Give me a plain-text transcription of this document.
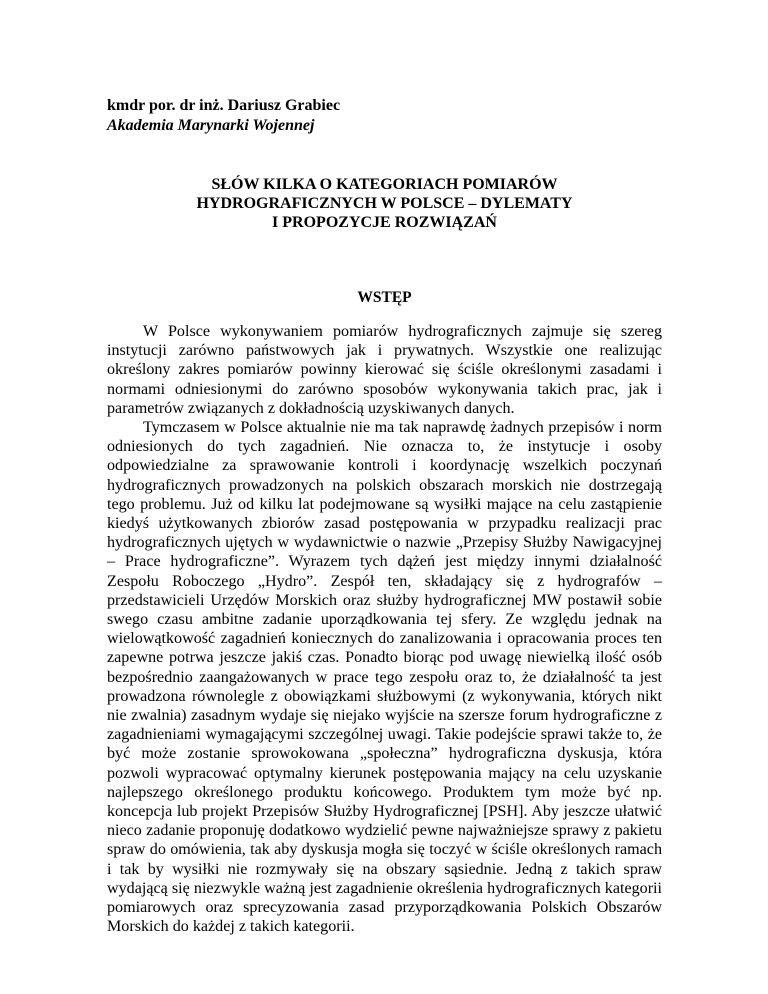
kmdr por. dr inż. Dariusz Grabiec
Akademia Marynarki Wojennej
SŁÓW KILKA O KATEGORIACH POMIARÓW
HYDROGRAFICZNYCH W POLSCE – DYLEMATY
I PROPOZYCJE ROZWIĄZAŃ
WSTĘP

W Polsce wykonywaniem pomiarów hydrograficznych zajmuje się szereg instytucji zarówno państwowych jak i prywatnych. Wszystkie one realizując określony zakres pomiarów powinny kierować się ściśle określonymi zasadami i normami odniesionymi do zarówno sposobów wykonywania takich prac, jak i parametrów związanych z dokładnością uzyskiwanych danych.

Tymczasem w Polsce aktualnie nie ma tak naprawdę żadnych przepisów i norm odniesionych do tych zagadnień. Nie oznacza to, że instytucje i osoby odpowiedzialne za sprawowanie kontroli i koordynację wszelkich poczynań hydrograficznych prowadzonych na polskich obszarach morskich nie dostrzegają tego problemu. Już od kilku lat podejmowane są wysiłki mające na celu zastąpienie kiedyś użytkowanych zbiorów zasad postępowania w przypadku realizacji prac hydrograficznych ujętych w wydawnictwie o nazwie „Przepisy Służby Nawigacyjnej – Prace hydrograficzne”. Wyrazem tych dążeń jest między innymi działalność Zespołu Roboczego „Hydro”. Zespół ten, składający się z hydrografów – przedstawicieli Urzędów Morskich oraz służby hydrograficznej MW postawił sobie swego czasu ambitne zadanie uporządkowania tej sfery. Ze względu jednak na wielowątkowość zagadnień koniecznych do zanalizowania i opracowania proces ten zapewne potrwa jeszcze jakiś czas. Ponadto biorąc pod uwagę niewielką ilość osób bezpośrednio zaangażowanych w prace tego zespołu oraz to, że działalność ta jest prowadzona równolegle z obowiązkami służbowymi (z wykonywania, których nikt nie zwalnia) zasadnym wydaje się niejako wyjście na szersze forum hydrograficzne z zagadnieniami wymagającymi szczególnej uwagi. Takie podejście sprawi także to, że być może zostanie sprowokowana „społeczna” hydrograficzna dyskusja, która pozwoli wypracować optymalny kierunek postępowania mający na celu uzyskanie najlepszego określonego produktu końcowego. Produktem tym może być np. koncepcja lub projekt Przepisów Służby Hydrograficznej [PSH]. Aby jeszcze ułatwić nieco zadanie proponuję dodatkowo wydzielić pewne najważniejsze sprawy z pakietu spraw do omówienia, tak aby dyskusja mogła się toczyć w ściśle określonych ramach i tak by wysiłki nie rozmywały się na obszary sąsiednie. Jedną z takich spraw wydającą się niezwykle ważną jest zagadnienie określenia hydrograficznych kategorii pomiarowych oraz sprecyzowania zasad przyporządkowania Polskich Obszarów Morskich do każdej z takich kategorii.
